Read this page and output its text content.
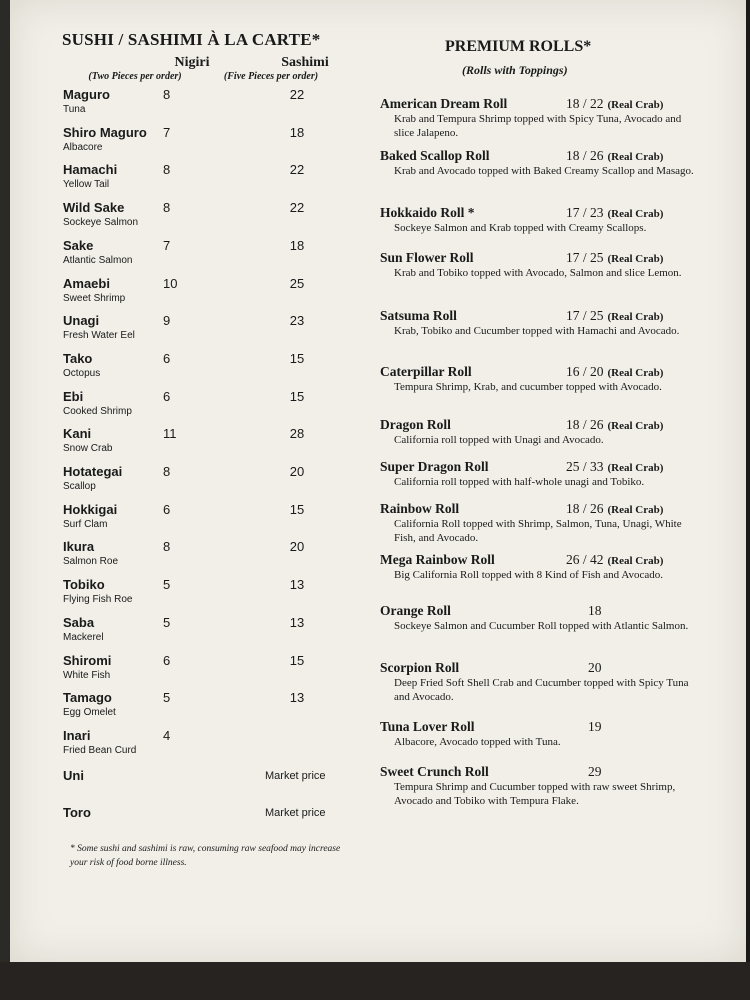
SUSHI / SASHIMI À LA CARTE*
Nigiri
(Two Pieces per order)
Sashimi
(Five Pieces per order)
Maguro
Tuna
8	22
Shiro Maguro
Albacore
7	18
Hamachi
Yellow Tail
8	22
Wild Sake
Sockeye Salmon
8	22
Sake
Atlantic Salmon
7	18
Amaebi
Sweet Shrimp
10	25
Unagi
Fresh Water Eel
9	23
Tako
Octopus
6	15
Ebi
Cooked Shrimp
6	15
Kani
Snow Crab
11	28
Hotategai
Scallop
8	20
Hokkigai
Surf Clam
6	15
Ikura
Salmon Roe
8	20
Tobiko
Flying Fish Roe
5	13
Saba
Mackerel
5	13
Shiromi
White Fish
6	15
Tamago
Egg Omelet
5	13
Inari
Fried Bean Curd
4
Uni	Market price
Toro	Market price
* Some sushi and sashimi is raw, consuming raw seafood may increase your risk of food borne illness.
PREMIUM ROLLS*
(Rolls with Toppings)
American Dream Roll	18 / 22 (Real Crab)
Krab and Tempura Shrimp topped with Spicy Tuna, Avocado and slice Jalapeno.
Baked Scallop Roll	18 / 26 (Real Crab)
Krab and Avocado topped with Baked Creamy Scallop and Masago.
Hokkaido Roll *	17 / 23 (Real Crab)
Sockeye Salmon and Krab topped with Creamy Scallops.
Sun Flower Roll	17 / 25 (Real Crab)
Krab and Tobiko topped with Avocado, Salmon and slice Lemon.
Satsuma Roll	17 / 25 (Real Crab)
Krab, Tobiko and Cucumber topped with Hamachi and Avocado.
Caterpillar Roll	16 / 20 (Real Crab)
Tempura Shrimp, Krab, and cucumber topped with Avocado.
Dragon Roll	18 / 26 (Real Crab)
California roll topped with Unagi and Avocado.
Super Dragon Roll	25 / 33 (Real Crab)
California roll topped with half-whole unagi and Tobiko.
Rainbow Roll	18 / 26 (Real Crab)
California Roll topped with Shrimp, Salmon, Tuna, Unagi, White Fish, and Avocado.
Mega Rainbow Roll	26 / 42 (Real Crab)
Big California Roll topped with 8 Kind of Fish and Avocado.
Orange Roll	18
Sockeye Salmon and Cucumber Roll topped with Atlantic Salmon.
Scorpion Roll	20
Deep Fried Soft Shell Crab and Cucumber topped with Spicy Tuna and Avocado.
Tuna Lover Roll	19
Albacore, Avocado topped with Tuna.
Sweet Crunch Roll	29
Tempura Shrimp and Cucumber topped with raw sweet Shrimp, Avocado and Tobiko with Tempura Flake.
